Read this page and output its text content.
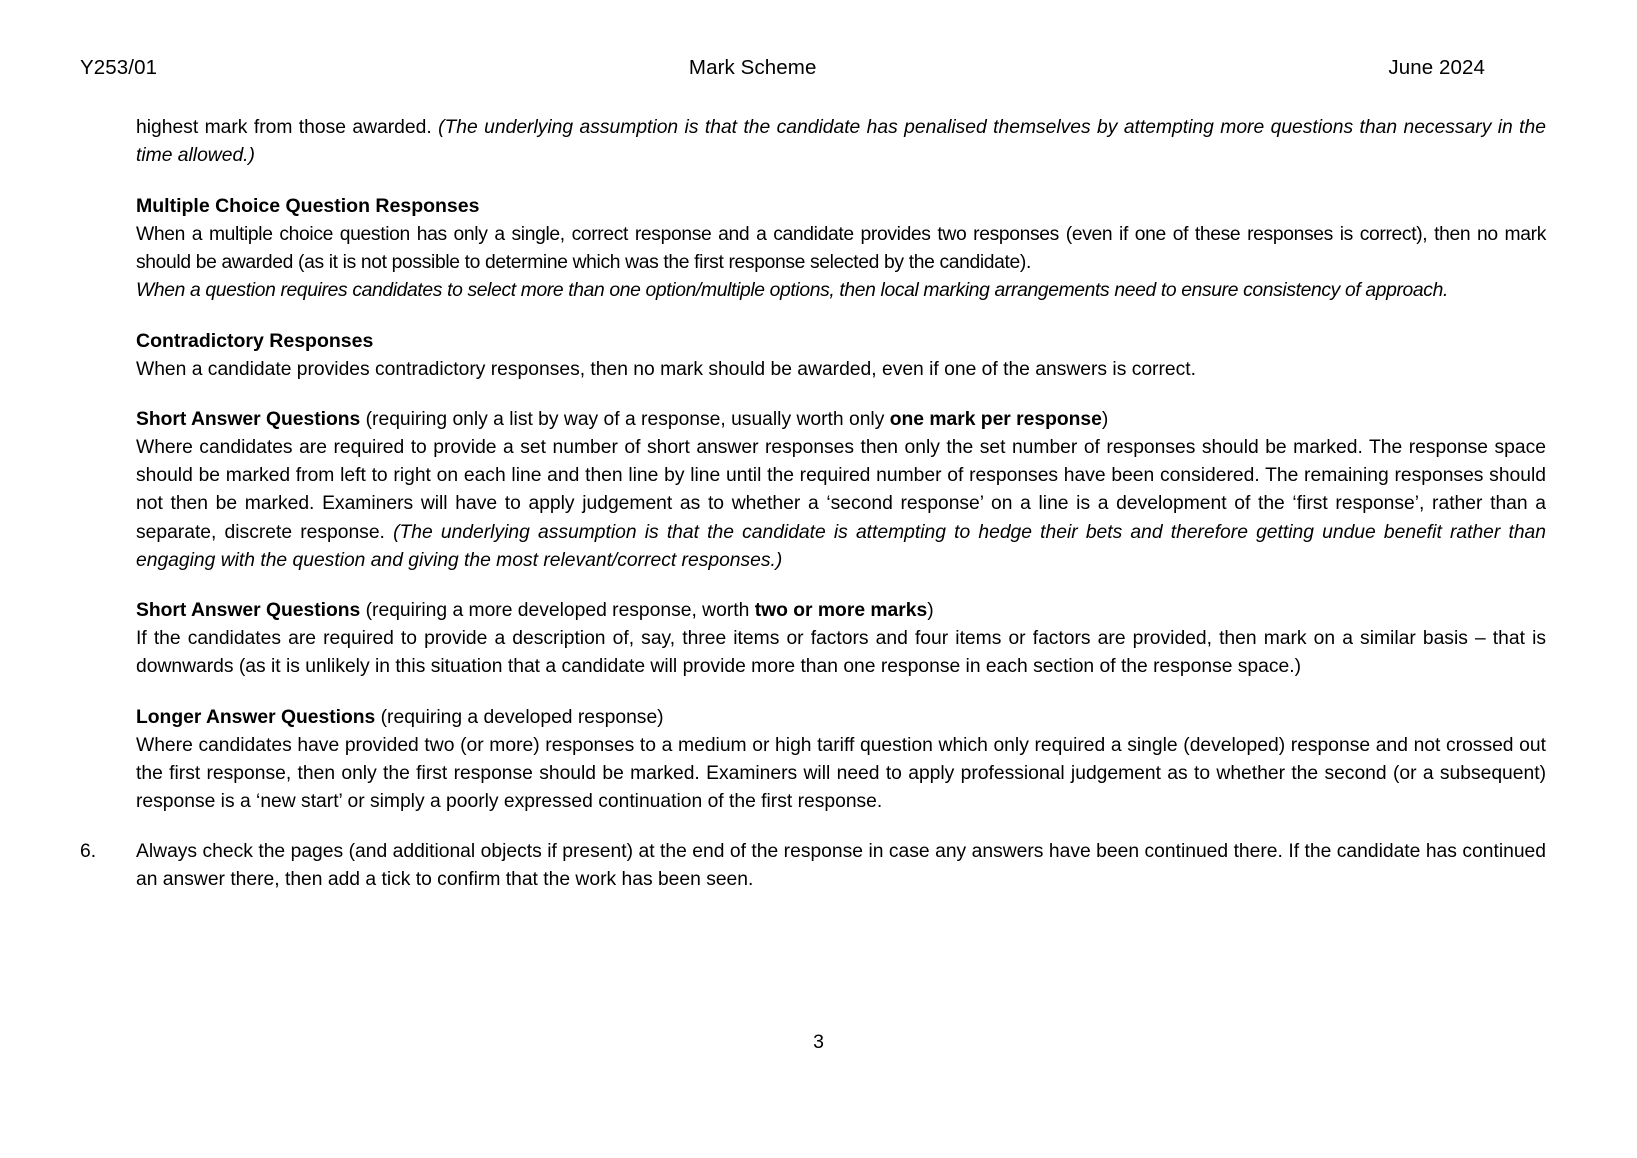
Y253/01	Mark Scheme	June 2024

highest mark from those awarded. (The underlying assumption is that the candidate has penalised themselves by attempting more questions than necessary in the time allowed.)

Multiple Choice Question Responses

When a multiple choice question has only a single, correct response and a candidate provides two responses (even if one of these responses is correct), then no mark should be awarded (as it is not possible to determine which was the first response selected by the candidate).

When a question requires candidates to select more than one option/multiple options, then local marking arrangements need to ensure consistency of approach.

Contradictory Responses

When a candidate provides contradictory responses, then no mark should be awarded, even if one of the answers is correct.

Short Answer Questions (requiring only a list by way of a response, usually worth only one mark per response)

Where candidates are required to provide a set number of short answer responses then only the set number of responses should be marked. The response space should be marked from left to right on each line and then line by line until the required number of responses have been considered. The remaining responses should not then be marked. Examiners will have to apply judgement as to whether a ‘second response’ on a line is a development of the ‘first response’, rather than a separate, discrete response. (The underlying assumption is that the candidate is attempting to hedge their bets and therefore getting undue benefit rather than engaging with the question and giving the most relevant/correct responses.)

Short Answer Questions (requiring a more developed response, worth two or more marks)

If the candidates are required to provide a description of, say, three items or factors and four items or factors are provided, then mark on a similar basis – that is downwards (as it is unlikely in this situation that a candidate will provide more than one response in each section of the response space.)

Longer Answer Questions (requiring a developed response)

Where candidates have provided two (or more) responses to a medium or high tariff question which only required a single (developed) response and not crossed out the first response, then only the first response should be marked. Examiners will need to apply professional judgement as to whether the second (or a subsequent) response is a ‘new start’ or simply a poorly expressed continuation of the first response.

6.	Always check the pages (and additional objects if present) at the end of the response in case any answers have been continued there. If the candidate has continued an answer there, then add a tick to confirm that the work has been seen.
3
